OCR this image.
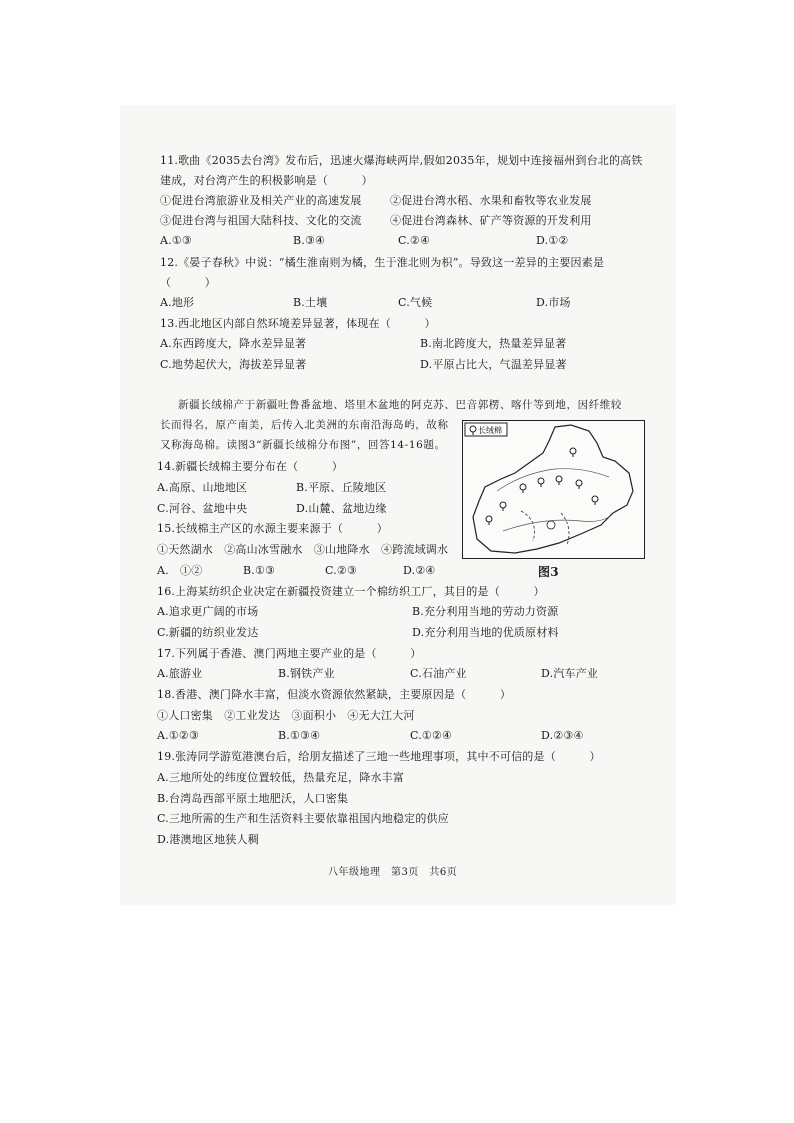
11.歌曲《2035去台湾》发布后，迅速火爆海峡两岸,假如2035年，规划中连接福州到台北的高铁
建成，对台湾产生的积极影响是（　　　）
①促进台湾旅游业及相关产业的高速发展	②促进台湾水稻、水果和畜牧等农业发展
③促进台湾与祖国大陆科技、文化的交流	④促进台湾森林、矿产等资源的开发利用
A.①③	B.③④	C.②④	D.①②
12.《晏子春秋》中说：“橘生淮南则为橘，生于淮北则为枳”。导致这一差异的主要因素是
（　　　）
A.地形	B.土壤	C.气候	D.市场
13.西北地区内部自然环境差异显著，体现在（　　　）
A.东西跨度大，降水差异显著	B.南北跨度大，热量差异显著
C.地势起伏大，海拔差异显著	D.平原占比大，气温差异显著
新疆长绒棉产于新疆吐鲁番盆地、塔里木盆地的阿克苏、巴音郭楞、喀什等到地，因纤维较
长而得名，原产南美，后传入北美洲的东南沿海岛屿，故称
又称海岛棉。读图3“新疆长绒棉分布图”，回答14-16题。
长绒棉
图3
14.新疆长绒棉主要分布在（　　　）
A.高原、山地地区	B.平原、丘陵地区
C.河谷、盆地中央	D.山麓、盆地边缘
15.长绒棉主产区的水源主要来源于（　　　）
①天然湖水　②高山冰雪融水　③山地降水　④跨流域调水
A.　①②	B.①③	C.②③	D.②④
16.上海某纺织企业决定在新疆投资建立一个棉纺织工厂，其目的是（　　　）
A.追求更广阔的市场	B.充分利用当地的劳动力资源
C.新疆的纺织业发达	D.充分利用当地的优质原材料
17.下列属于香港、澳门两地主要产业的是（　　　）
A.旅游业	B.钢铁产业	C.石油产业	D.汽车产业
18.香港、澳门降水丰富，但淡水资源依然紧缺，主要原因是（　　　）
①人口密集　②工业发达　③面积小　④无大江大河
A.①②③	B.①③④	C.①②④	D.②③④
19.张涛同学游览港澳台后，给朋友描述了三地一些地理事项，其中不可信的是（　　　）
A.三地所处的纬度位置较低，热量充足，降水丰富
B.台湾岛西部平原土地肥沃，人口密集
C.三地所需的生产和生活资料主要依靠祖国内地稳定的供应
D.港澳地区地狭人稠
八年级地理　第3页　共6页
